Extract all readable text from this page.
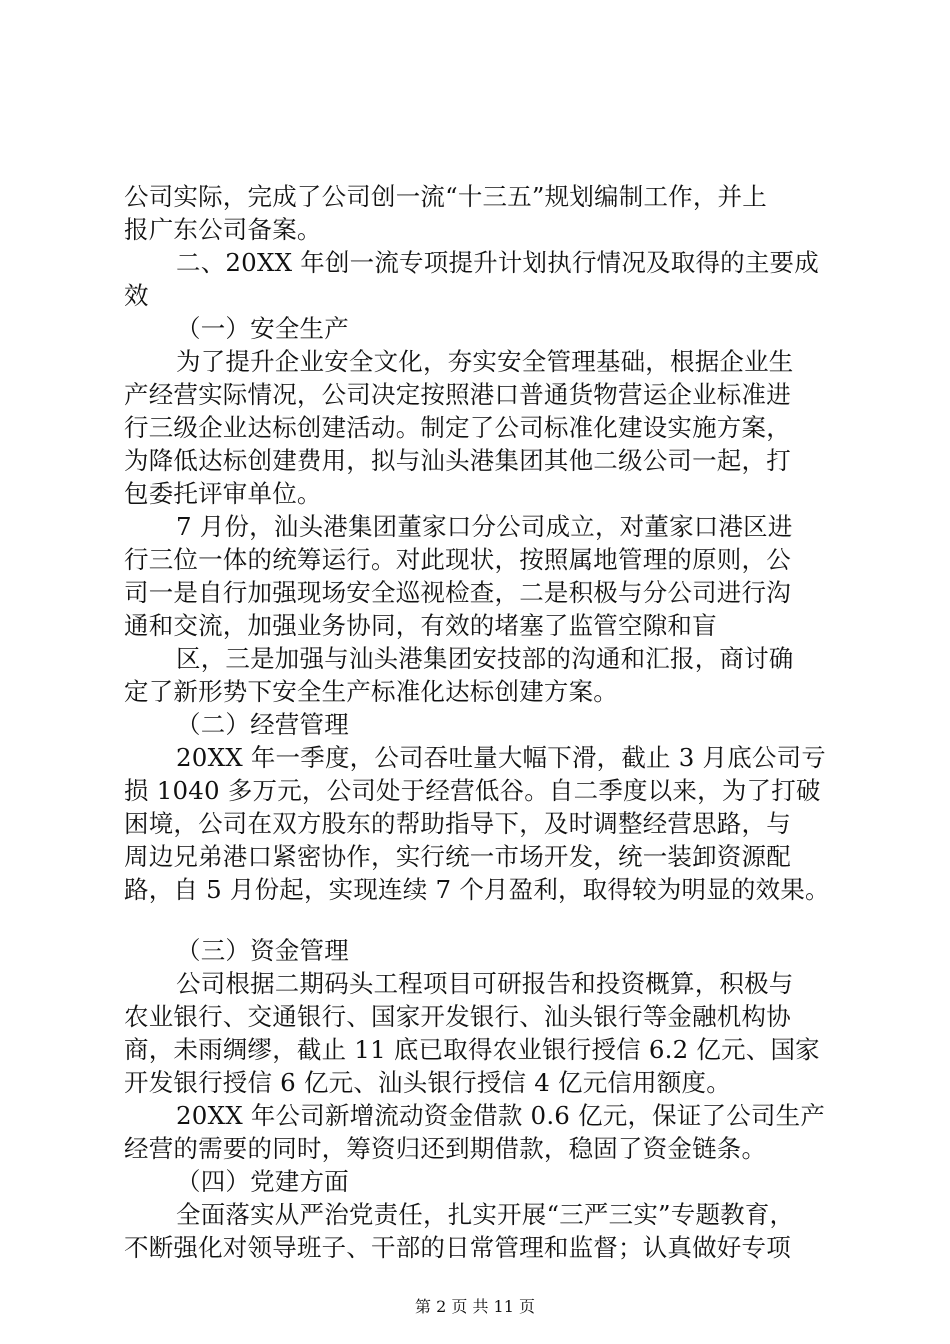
公司实际，完成了公司创一流“十三五”规划编制工作，并上
报广东公司备案。
二、20XX 年创一流专项提升计划执行情况及取得的主要成
效
（一）安全生产
为了提升企业安全文化，夯实安全管理基础，根据企业生
产经营实际情况，公司决定按照港口普通货物营运企业标准进
行三级企业达标创建活动。制定了公司标准化建设实施方案，
为降低达标创建费用，拟与汕头港集团其他二级公司一起，打
包委托评审单位。
7 月份，汕头港集团董家口分公司成立，对董家口港区进
行三位一体的统筹运行。对此现状，按照属地管理的原则，公
司一是自行加强现场安全巡视检查，二是积极与分公司进行沟
通和交流，加强业务协同，有效的堵塞了监管空隙和盲
区，三是加强与汕头港集团安技部的沟通和汇报，商讨确
定了新形势下安全生产标准化达标创建方案。
（二）经营管理
20XX 年一季度，公司吞吐量大幅下滑，截止 3 月底公司亏
损 1040 多万元，公司处于经营低谷。自二季度以来，为了打破
困境，公司在双方股东的帮助指导下，及时调整经营思路，与
周边兄弟港口紧密协作，实行统一市场开发，统一装卸资源配
路，自 5 月份起，实现连续 7 个月盈利，取得较为明显的效果。
（三）资金管理
公司根据二期码头工程项目可研报告和投资概算，积极与
农业银行、交通银行、国家开发银行、汕头银行等金融机构协
商，未雨绸缪，截止 11 底已取得农业银行授信 6.2 亿元、国家
开发银行授信 6 亿元、汕头银行授信 4 亿元信用额度。
20XX 年公司新增流动资金借款 0.6 亿元，保证了公司生产
经营的需要的同时，筹资归还到期借款，稳固了资金链条。
（四）党建方面
全面落实从严治党责任，扎实开展“三严三实”专题教育，
不断强化对领导班子、干部的日常管理和监督；认真做好专项
第 2 页 共 11 页
